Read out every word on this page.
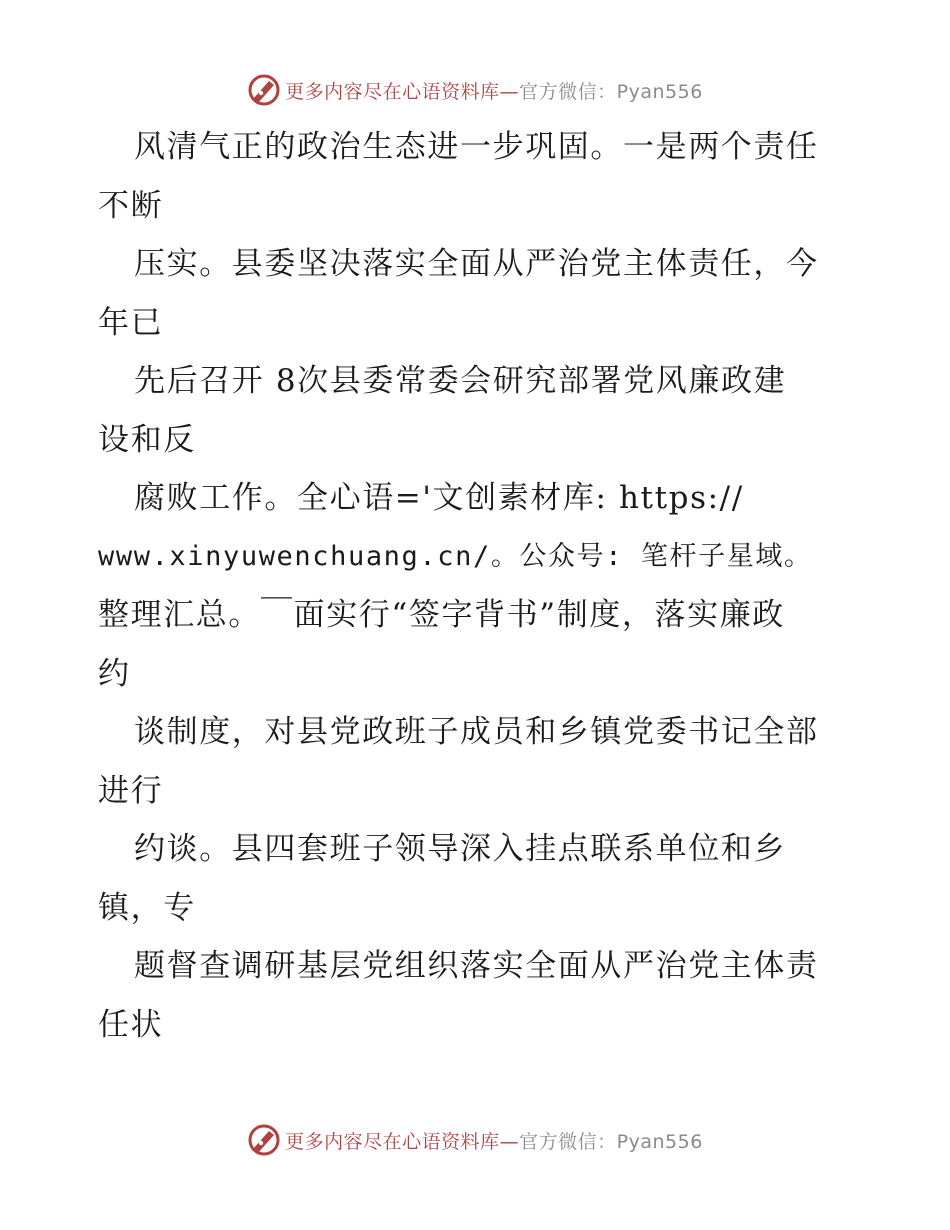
更多内容尽在心语资料库—官方微信：Pyan556
风清气正的政治生态进一步巩固。一是两个责任
不断
压实。县委坚决落实全面从严治党主体责任，今
年已
先后召开 8次县委常委会研究部署党风廉政建
设和反
腐败工作。全心语='文创素材库: https://
www.xinyuwenchuang.cn/。公众号: 笔杆子星域。
整理汇总。￣面实行“签字背书”制度，落实廉政
约
谈制度，对县党政班子成员和乡镇党委书记全部
进行
约谈。县四套班子领导深入挂点联系单位和乡
镇，专
题督查调研基层党组织落实全面从严治党主体责
任状
更多内容尽在心语资料库—官方微信：Pyan556
